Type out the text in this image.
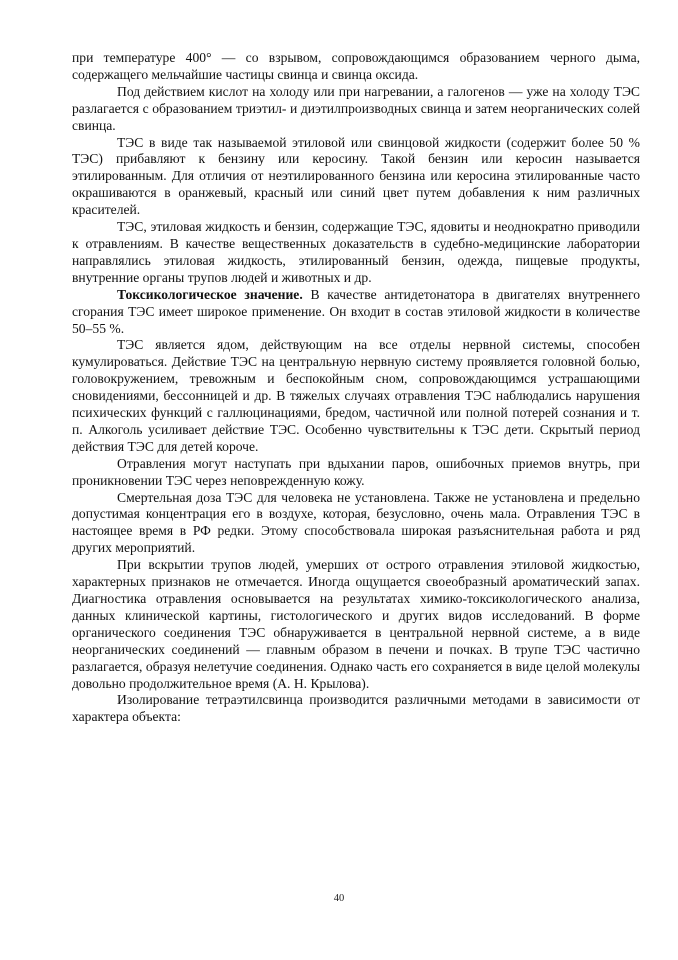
при температуре 400° — со взрывом, сопровождающимся образованием черного дыма, содержащего мельчайшие частицы свинца и свинца оксида.

Под действием кислот на холоду или при нагревании, а галогенов — уже на холоду ТЭС разлагается с образованием триэтил- и диэтилпроизводных свинца и затем неорганических солей свинца.

ТЭС в виде так называемой этиловой или свинцовой жидкости (содержит более 50 % ТЭС) прибавляют к бензину или керосину. Такой бензин или керосин называется этилированным. Для отличия от неэтилированного бензина или керосина этилированные часто окрашиваются в оранжевый, красный или синий цвет путем добавления к ним различных красителей.

ТЭС, этиловая жидкость и бензин, содержащие ТЭС, ядовиты и неоднократно приводили к отравлениям. В качестве вещественных доказательств в судебно-медицинские лаборатории направлялись этиловая жидкость, этилированный бензин, одежда, пищевые продукты, внутренние органы трупов людей и животных и др.

Токсикологическое значение. В качестве антидетонатора в двигателях внутреннего сгорания ТЭС имеет широкое применение. Он входит в состав этиловой жидкости в количестве 50–55 %.

ТЭС является ядом, действующим на все отделы нервной системы, способен кумулироваться. Действие ТЭС на центральную нервную систему проявляется головной болью, головокружением, тревожным и беспокойным сном, сопровождающимся устрашающими сновидениями, бессонницей и др. В тяжелых случаях отравления ТЭС наблюдались нарушения психических функций с галлюцинациями, бредом, частичной или полной потерей сознания и т. п. Алкоголь усиливает действие ТЭС. Особенно чувствительны к ТЭС дети. Скрытый период действия ТЭС для детей короче.

Отравления могут наступать при вдыхании паров, ошибочных приемов внутрь, при проникновении ТЭС через неповрежденную кожу.

Смертельная доза ТЭС для человека не установлена. Также не установлена и предельно допустимая концентрация его в воздухе, которая, безусловно, очень мала. Отравления ТЭС в настоящее время в РФ редки. Этому способствовала широкая разъяснительная работа и ряд других мероприятий.

При вскрытии трупов людей, умерших от острого отравления этиловой жидкостью, характерных признаков не отмечается. Иногда ощущается своеобразный ароматический запах. Диагностика отравления основывается на результатах химико-токсикологического анализа, данных клинической картины, гистологического и других видов исследований. В форме органического соединения ТЭС обнаруживается в центральной нервной системе, а в виде неорганических соединений — главным образом в печени и почках. В трупе ТЭС частично разлагается, образуя нелетучие соединения. Однако часть его сохраняется в виде целой молекулы довольно продолжительное время (А. Н. Крылова).

Изолирование тетраэтилсвинца производится различными методами в зависимости от характера объекта:

40
